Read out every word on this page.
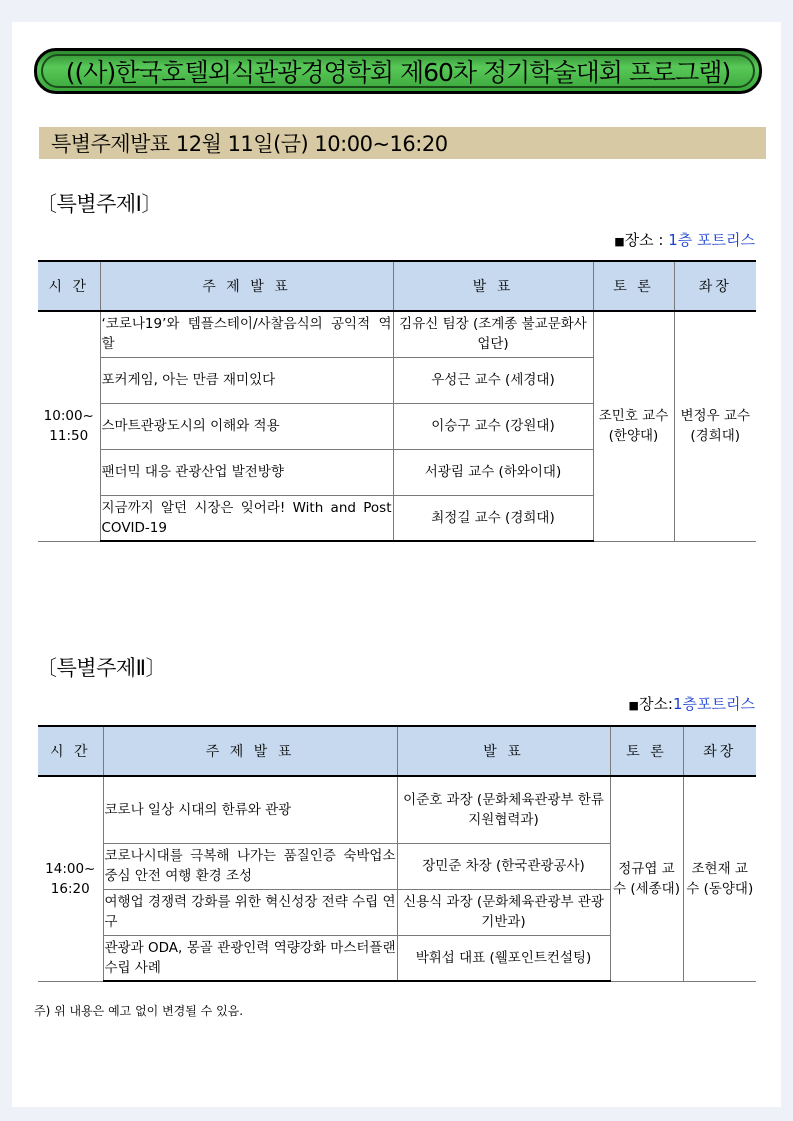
((사)한국호텔외식관광경영학회 제60차 정기학술대회 프로그램)
특별주제발표 12월 11일(금) 10:00~16:20
〔특별주제Ⅰ〕
■장소 : 1층 포트리스
시 간	주 제 발 표	발 표	토 론	좌장
10:00~ 11:50	‘코로나19’와 템플스테이/사찰음식의 공익적 역할	김유신 팀장 (조계종 불교문화사업단)	조민호 교수 (한양대)	변정우 교수 (경희대)
	포커게임, 아는 만큼 재미있다	우성근 교수 (세경대)		
	스마트관광도시의 이해와 적용	이승구 교수 (강원대)		
	팬더믹 대응 관광산업 발전방향	서광림 교수 (하와이대)		
	지금까지 알던 시장은 잊어라! With and Post COVID-19	최정길 교수 (경희대)		
〔특별주제Ⅱ〕
■장소:1층포트리스
시 간	주 제 발 표	발 표	토 론	좌장
14:00~ 16:20	코로나 일상 시대의 한류와 관광	이준호 과장 (문화체육관광부 한류지원협력과)	정규엽 교수 (세종대)	조현재 교수 (동양대)
	코로나시대를 극복해 나가는 품질인증 숙박업소 중심 안전 여행 환경 조성	장민준 차장 (한국관광공사)		
	여행업 경쟁력 강화를 위한 혁신성장 전략 수립 연구	신용식 과장 (문화체육관광부 관광기반과)		
	관광과 ODA, 몽골 관광인력 역량강화 마스터플랜 수립 사례	박휘섭 대표 (웰포인트컨설팅)		
주) 위 내용은 예고 없이 변경될 수 있음.
